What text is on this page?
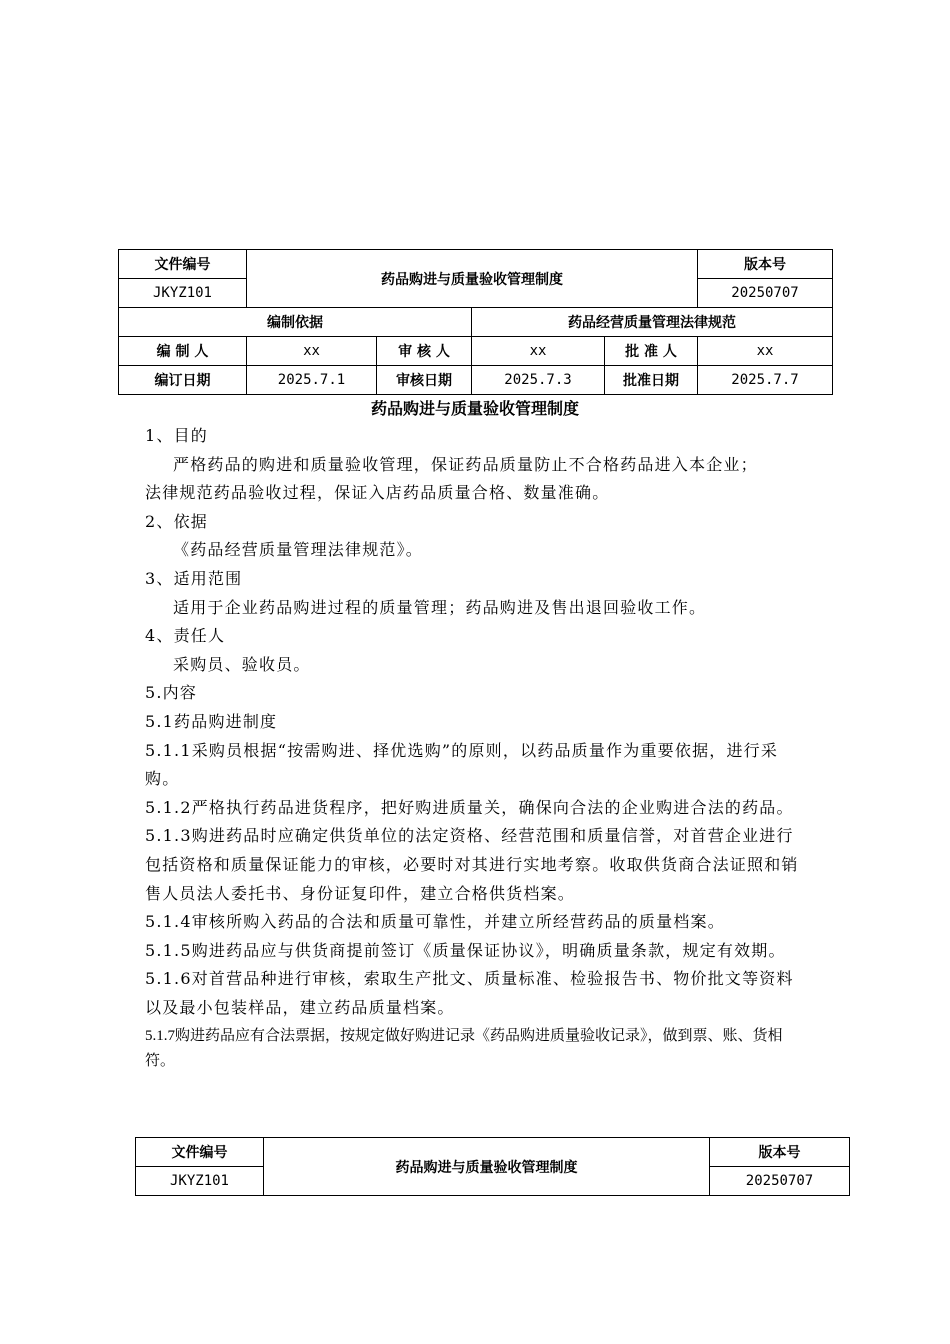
文件编号	药品购进与质量验收管理制度				版本号
JKYZ101					20250707
编制依据			药品经营质量管理法律规范		
编 制 人	xx	审 核 人	xx	批 准 人	xx
编订日期	2025.7.1	审核日期	2025.7.3	批准日期	2025.7.7
药品购进与质量验收管理制度

1、目的

严格药品的购进和质量验收管理，保证药品质量防止不合格药品进入本企业；

法律规范药品验收过程，保证入店药品质量合格、数量准确。

2、依据

《药品经营质量管理法律规范》。

3、适用范围

适用于企业药品购进过程的质量管理；药品购进及售出退回验收工作。

4、责任人

采购员、验收员。

5.内容

5.1药品购进制度

5.1.1采购员根据“按需购进、择优选购”的原则，以药品质量作为重要依据，进行采购。

5.1.2严格执行药品进货程序，把好购进质量关，确保向合法的企业购进合法的药品。

5.1.3购进药品时应确定供货单位的法定资格、经营范围和质量信誉，对首营企业进行包括资格和质量保证能力的审核，必要时对其进行实地考察。收取供货商合法证照和销售人员法人委托书、身份证复印件，建立合格供货档案。

5.1.4审核所购入药品的合法和质量可靠性，并建立所经营药品的质量档案。

5.1.5购进药品应与供货商提前签订《质量保证协议》，明确质量条款，规定有效期。

5.1.6对首营品种进行审核，索取生产批文、质量标准、检验报告书、物价批文等资料以及最小包装样品，建立药品质量档案。

5.1.7购进药品应有合法票据，按规定做好购进记录《药品购进质量验收记录》，做到票、账、货相符。

文件编号	药品购进与质量验收管理制度	版本号
JKYZ101		20250707
